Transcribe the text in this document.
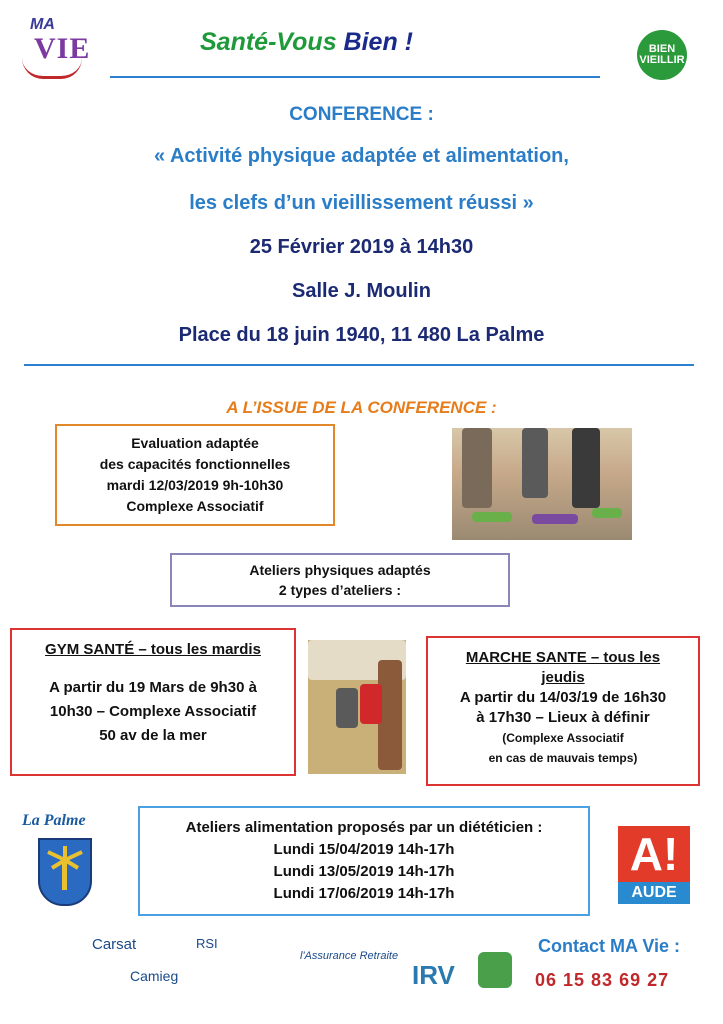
MA
VIE	Santé-Vous Bien !	BIEN VIEILLIR
CONFERENCE :
« Activité physique adaptée et alimentation,
les clefs d’un vieillissement réussi »
25 Février 2019 à 14h30
Salle J. Moulin
Place du 18 juin 1940, 11 480 La Palme
A L’ISSUE DE LA CONFERENCE :
Evaluation adaptée
des capacités fonctionnelles
mardi 12/03/2019 9h-10h30
Complexe Associatif
Ateliers physiques adaptés
2 types d’ateliers :
GYM SANTÉ – tous les mardis
A partir du 19 Mars de 9h30 à
10h30 – Complexe Associatif
50 av de la mer
MARCHE SANTE – tous les
jeudis
A partir du 14/03/19 de 16h30
à 17h30 – Lieux à définir
(Complexe Associatif
en cas de mauvais temps)
La Palme	Ateliers alimentation proposés par un diététicien :
Lundi 15/04/2019 14h-17h
Lundi 13/05/2019 14h-17h
Lundi 17/06/2019 14h-17h
A!
AUDE
Carsat	RSI
l'Assurance Retraite
Camieg	IRV
Contact MA Vie :
06 15 83 69 27
